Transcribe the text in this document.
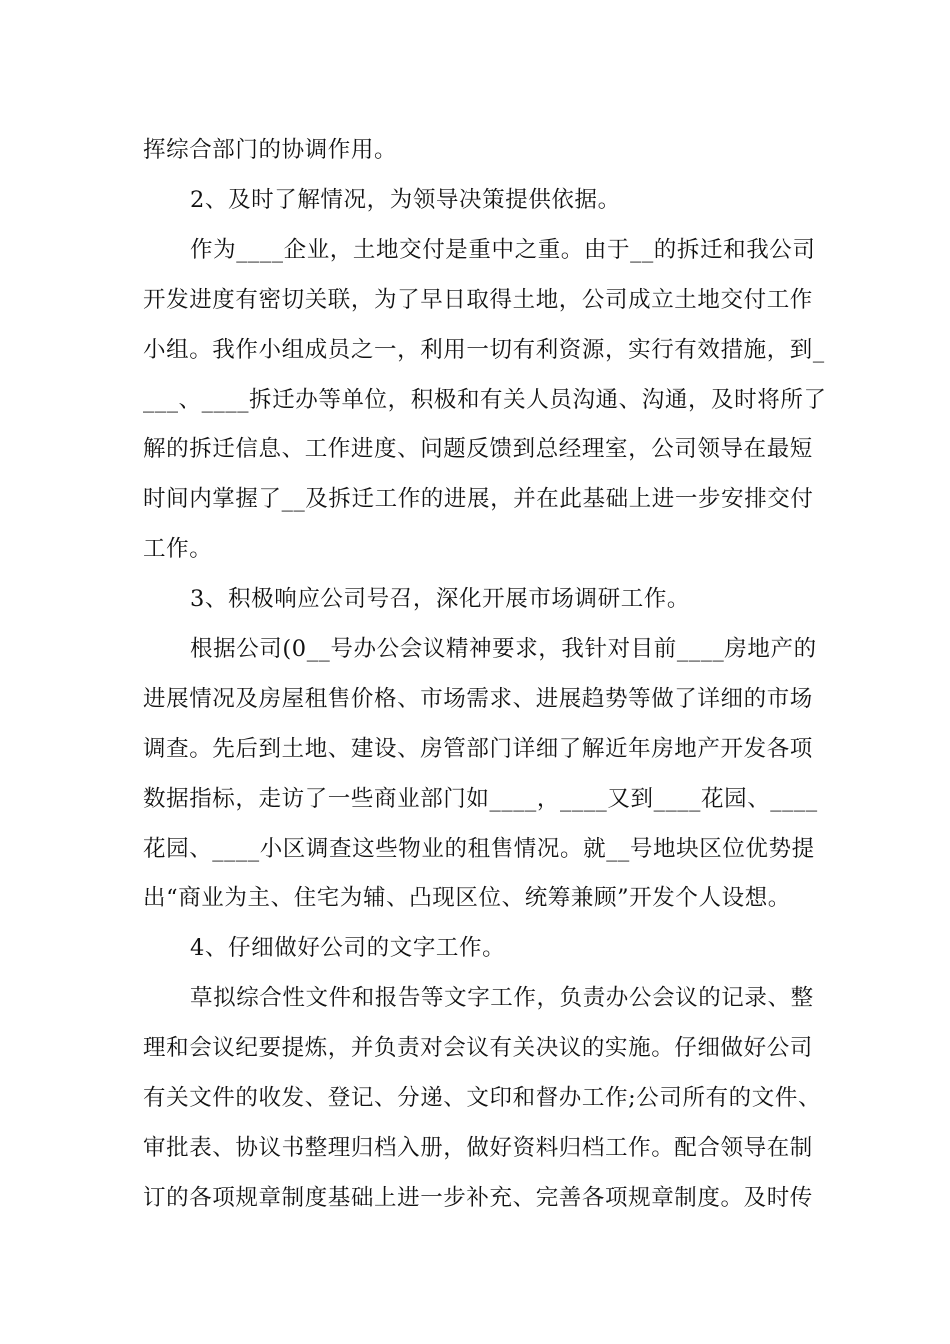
挥综合部门的协调作用。
2、及时了解情况，为领导决策提供依据。
作为____企业，土地交付是重中之重。由于__的拆迁和我公司
开发进度有密切关联，为了早日取得土地，公司成立土地交付工作
小组。我作小组成员之一，利用一切有利资源，实行有效措施，到_
___、____拆迁办等单位，积极和有关人员沟通、沟通，及时将所了
解的拆迁信息、工作进度、问题反馈到总经理室，公司领导在最短
时间内掌握了__及拆迁工作的进展，并在此基础上进一步安排交付
工作。
3、积极响应公司号召，深化开展市场调研工作。
根据公司(0__号办公会议精神要求，我针对目前____房地产的
进展情况及房屋租售价格、市场需求、进展趋势等做了详细的市场
调查。先后到土地、建设、房管部门详细了解近年房地产开发各项
数据指标，走访了一些商业部门如____，____又到____花园、____
花园、____小区调查这些物业的租售情况。就__号地块区位优势提
出“商业为主、住宅为辅、凸现区位、统筹兼顾”开发个人设想。
4、仔细做好公司的文字工作。
草拟综合性文件和报告等文字工作，负责办公会议的记录、整
理和会议纪要提炼，并负责对会议有关决议的实施。仔细做好公司
有关文件的收发、登记、分递、文印和督办工作;公司所有的文件、
审批表、协议书整理归档入册，做好资料归档工作。配合领导在制
订的各项规章制度基础上进一步补充、完善各项规章制度。及时传
